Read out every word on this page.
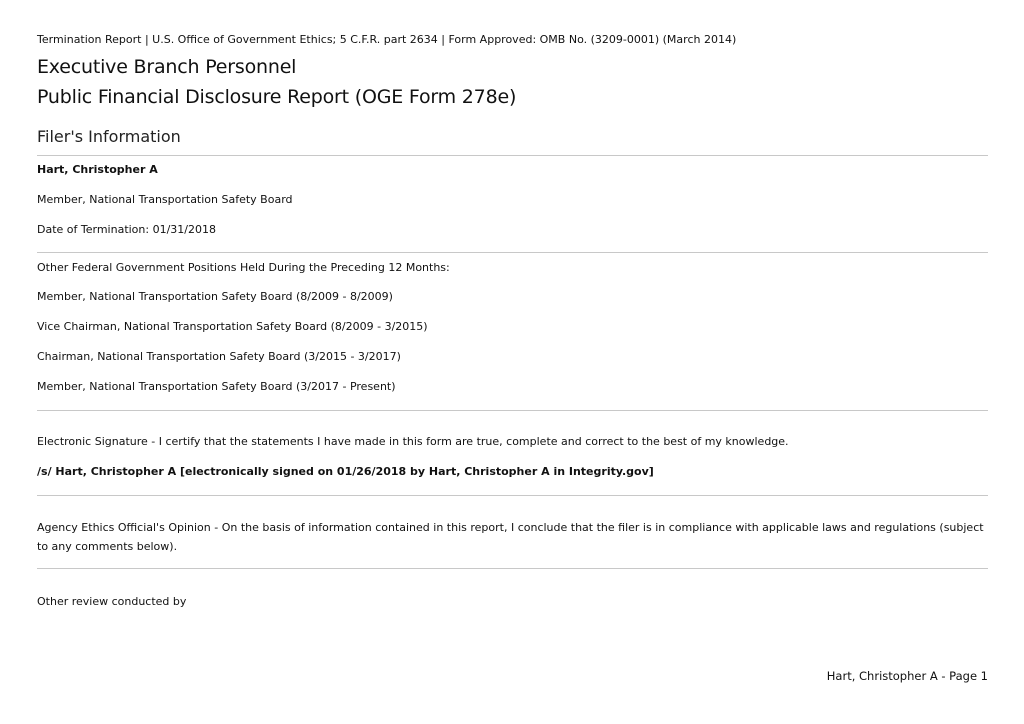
Termination Report | U.S. Office of Government Ethics; 5 C.F.R. part 2634 | Form Approved: OMB No. (3209-0001) (March 2014)
Executive Branch Personnel
Public Financial Disclosure Report (OGE Form 278e)
Filer's Information
Hart, Christopher A
Member, National Transportation Safety Board
Date of Termination: 01/31/2018
Other Federal Government Positions Held During the Preceding 12 Months:
Member, National Transportation Safety Board (8/2009 - 8/2009)
Vice Chairman, National Transportation Safety Board (8/2009 - 3/2015)
Chairman, National Transportation Safety Board (3/2015 - 3/2017)
Member, National Transportation Safety Board (3/2017 - Present)
Electronic Signature - I certify that the statements I have made in this form are true, complete and correct to the best of my knowledge.
/s/ Hart, Christopher A [electronically signed on 01/26/2018 by Hart, Christopher A in Integrity.gov]
Agency Ethics Official's Opinion - On the basis of information contained in this report, I conclude that the filer is in compliance with applicable laws and regulations (subject to any comments below).
Other review conducted by
Hart, Christopher A - Page 1
